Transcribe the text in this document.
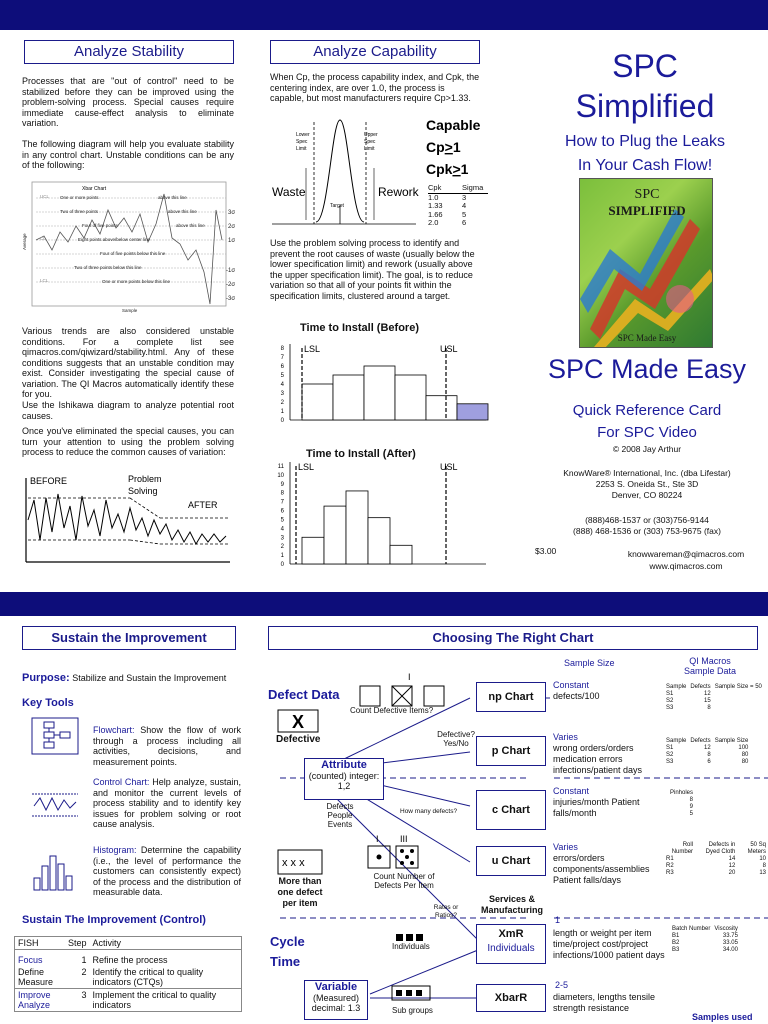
Analyze Stability
Processes that are "out of control" need to be stabilized before they can be improved using the problem-solving process. Special causes require immediate cause-effect analysis to eliminate variation.
The following diagram will help you evaluate stability in any control chart. Unstable conditions can be any of the following:
Xbar Chart
One or more points	above this line
Two of three points	above this line
Four of five points	above this line
Eight points above/below center line
Four of five points below this line
Two of three points below this line
One or more points below this line
UCL
CL
LCL
Sample
Average
3σ
2σ
1σ
-1σ
-2σ
-3σ
Various trends are also considered unstable conditions. For a complete list see qimacros.com/qiwizard/stability.html. Any of these conditions suggests that an unstable condition may exist. Consider investigating the special cause of variation. The QI Macros automatically identify these for you.
Use the Ishikawa diagram to analyze potential root causes.
Once you've eliminated the special causes, you can turn your attention to using the problem solving process to reduce the common causes of variation:
BEFORE	Problem
Solving
AFTER
Analyze Capability
When Cp, the process capability index, and Cpk, the centering index, are over 1.0, the process is capable, but most manufacturers require Cp>1.33.
Lower
Spec
Limit
Upper
Spec
Limit
Target
Waste	Rework
Capable
Cp>1
Cpk>1
Cpk	Sigma
1.0	3
1.33	4
1.66	5
2.0	6
Use the problem solving process to identify and prevent the root causes of waste (usually below the lower specification limit) and rework (usually above the upper specification limit). The goal, is to reduce variation so that all of your points fit within the specification limits, clustered around a target.
Time to Install (Before)
8
7
6
5
4
3
2
1
0
LSL	USL
Time to Install (After)
11
10
9
8
7
6
5
4
3
2
1
0
LSL	USL
SPC
Simplified
How to Plug the Leaks
In Your Cash Flow!
SPC
SIMPLIFIED
SPC Made Easy
SPC Made Easy
Quick Reference Card
For SPC Video
© 2008 Jay Arthur
KnowWare® International, Inc. (dba Lifestar)
2253 S. Oneida St., Ste 3D
Denver, CO 80224
(888)468-1537 or (303)756-9144
(888) 468-1536 or (303) 753-9675 (fax)
$3.00	knowwareman@qimacros.com
www.qimacros.com
Sustain the Improvement
Purpose: Stabilize and Sustain the Improvement
Key Tools
Flowchart: Show the flow of work through a process including all activities, decisions, and measurement points.
Control Chart: Help analyze, sustain, and monitor the current levels of process stability and to identify key issues for problem solving or root cause analysis.
Histogram: Determine the capability (i.e., the level of performance the customers can consistently expect) of the process and the distribution of measurable data.
Sustain The Improvement (Control)
FISH	Step	Activity

Focus	1	Refine the process
Define Measure	2	Identify the critical to quality indicators (CTQs)
Improve Analyze	3	Implement the critical to quality indicators
Choosing The Right Chart
Sample Size	QI Macros Sample Data
X
x x x
I
I III
Defect Data
Count Defective Items?
Defective	Defective? Yes/No
Attribute
(counted) integer: 1,2
Defects People Events
How many defects?
Count Number of Defects Per Item
More than one defect per item	Rates or Ratios?
Services & Manufacturing
Cycle Time
Individuals
Variable
(Measured) decimal: 1.3	Sub groups
np Chart
p Chart
c Chart
u Chart
XmR
Individuals
XbarR
Constant
defects/100
Varies
wrong orders/orders medication errors infections/patient days
Constant
injuries/month Patient falls/month
Varies
errors/orders components/assemblies Patient falls/days
1
length or weight per item time/project cost/project infections/1000 patient days
2-5
diameters, lengths tensile strength resistance
Samples used
Sample	Defects	Sample Size = 50
S1	12	
S2	15	
S3	8	
Sample	Defects	Sample Size
S1	12	100
S2	8	80
S3	6	80
Pinholes
8
9
5
Roll Number	Defects in Dyed Cloth	50 Sq Meters
R1	14	10
R2	12	8
R3	20	13
Batch Number	Viscosity
B1	33.75
B2	33.05
B3	34.00
